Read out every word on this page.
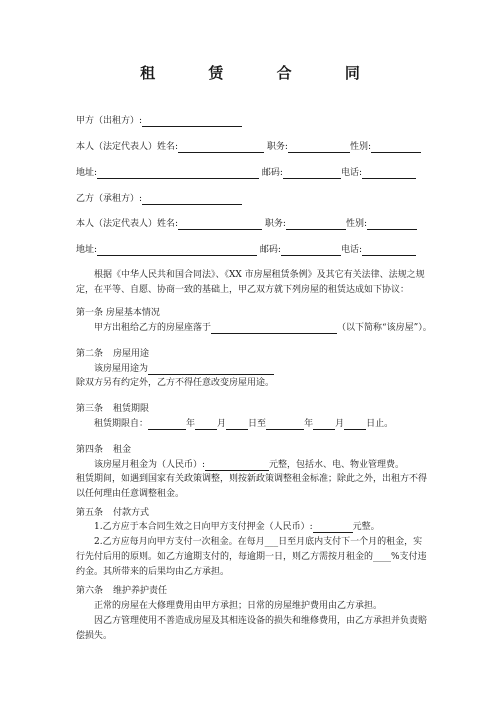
租 赁 合 同
甲方（出租方）:
本人（法定代表人）姓名:	职务:	性别:
地址:	邮码:	电话:
乙方（承租方）:
本人（法定代表人）姓名:	职务:	性别:
地址:	邮码:	电话:
根据《中华人民共和国合同法》、《XX 市房屋租赁条例》及其它有关法律、法规之规定，在平等、自愿、协商一致的基础上，甲乙双方就下列房屋的租赁达成如下协议：
第一条 房屋基本情况
甲方出租给乙方的房屋座落于	（以下简称“该房屋”）。
第二条 房屋用途
该房屋用途为
除双方另有约定外，乙方不得任意改变房屋用途。
第三条 租赁期限
租赁期限自：	年 月 日至	年 月 日止。
第四条 租金
该房屋月租金为（人民币）:	元整，包括水、电、物业管理费。
租赁期间，如遇到国家有关政策调整，则按新政策调整租金标准；除此之外，出租方不得以任何理由任意调整租金。
第五条 付款方式
1.乙方应于本合同生效之日向甲方支付押金（人民币）:	元整。
2.乙方应每月向甲方支付一次租金。在每月___日至月底内支付下一个月的租金，实行先付后用的原则。如乙方逾期支付的，每逾期一日，则乙方需按月租金的____%支付违约金。其所带来的后果均由乙方承担。
第六条 维护养护责任
正常的房屋在大修理费用由甲方承担；日常的房屋维护费用由乙方承担。
因乙方管理使用不善造成房屋及其相连设备的损失和维修费用，由乙方承担并负责赔偿损失。
